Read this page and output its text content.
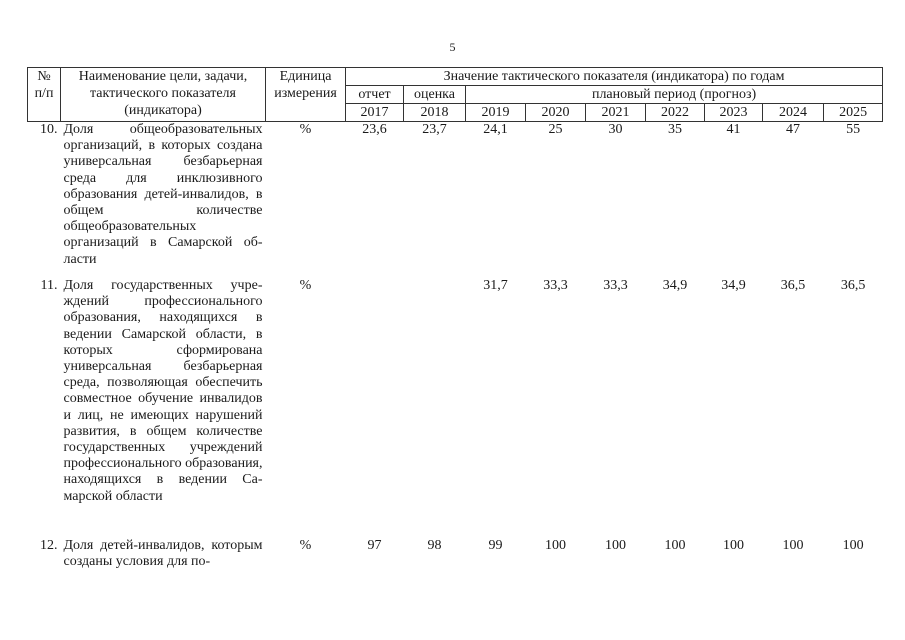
5
№ п/п	Наименование цели, задачи, тактического показателя (индикатора)	Единица измерения	Значение тактического показателя (индикатора) по годам								
			отчет	оценка	плановый период (прогноз)						
			2017	2018	2019	2020	2021	2022	2023	2024	2025
10.	Доля общеобразовательных организаций, в которых создана универсальная безбарьерная среда для инклюзивного образования детей-инвалидов, в общем количестве общеобразовательных организаций в Самарской области	%	23,6	23,7	24,1	25	30	35	41	47	55
11.	Доля государственных учреждений профессионального образования, находящихся в ведении Самарской области, в которых сформирована универсальная безбарьерная среда, позволяющая обеспечить совместное обучение инвалидов и лиц, не имеющих нарушений развития, в общем количестве государственных учреждений профессионального образования, находящихся в ведении Самарской области	%			31,7	33,3	33,3	34,9	34,9	36,5	36,5
12.	Доля детей-инвалидов, которым созданы условия для по-	%	97	98	99	100	100	100	100	100	100
